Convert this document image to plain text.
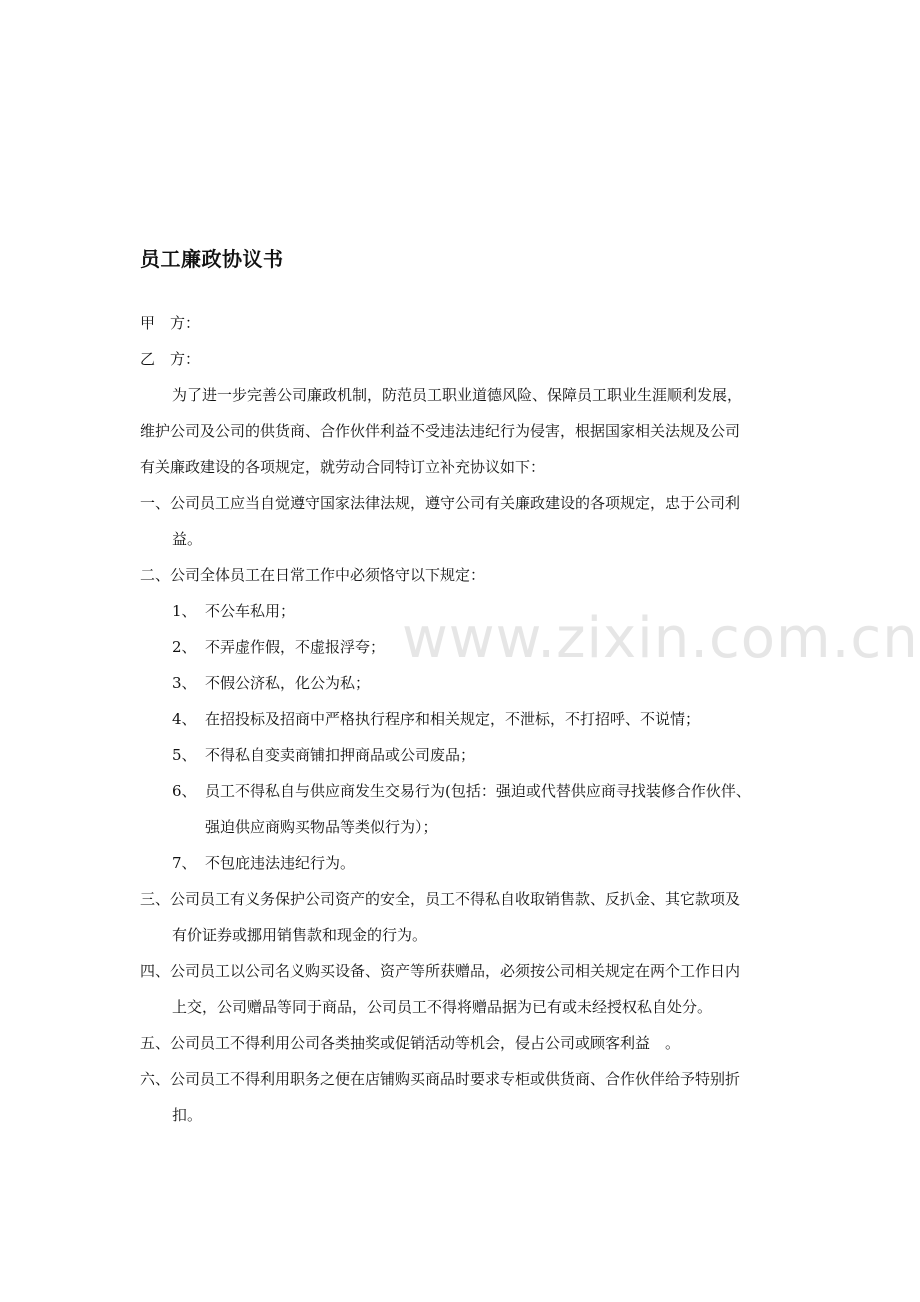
www.zixin.com.cn
员工廉政协议书
甲　方：
乙　方：
为了进一步完善公司廉政机制，防范员工职业道德风险、保障员工职业生涯顺利发展，
维护公司及公司的供货商、合作伙伴利益不受违法违纪行为侵害，根据国家相关法规及公司
有关廉政建设的各项规定，就劳动合同特订立补充协议如下：
一、公司员工应当自觉遵守国家法律法规，遵守公司有关廉政建设的各项规定，忠于公司利
益。
二、公司全体员工在日常工作中必须恪守以下规定：
1、 不公车私用；
2、 不弄虚作假，不虚报浮夸；
3、 不假公济私，化公为私；
4、 在招投标及招商中严格执行程序和相关规定，不泄标，不打招呼、不说情；
5、 不得私自变卖商铺扣押商品或公司废品；
6、 员工不得私自与供应商发生交易行为(包括：强迫或代替供应商寻找装修合作伙伴、
强迫供应商购买物品等类似行为）；
7、 不包庇违法违纪行为。
三、公司员工有义务保护公司资产的安全，员工不得私自收取销售款、反扒金、其它款项及
有价证券或挪用销售款和现金的行为。
四、公司员工以公司名义购买设备、资产等所获赠品，必须按公司相关规定在两个工作日内
上交，公司赠品等同于商品，公司员工不得将赠品据为已有或未经授权私自处分。
五、公司员工不得利用公司各类抽奖或促销活动等机会，侵占公司或顾客利益　。
六、公司员工不得利用职务之便在店铺购买商品时要求专柜或供货商、合作伙伴给予特别折
扣。
